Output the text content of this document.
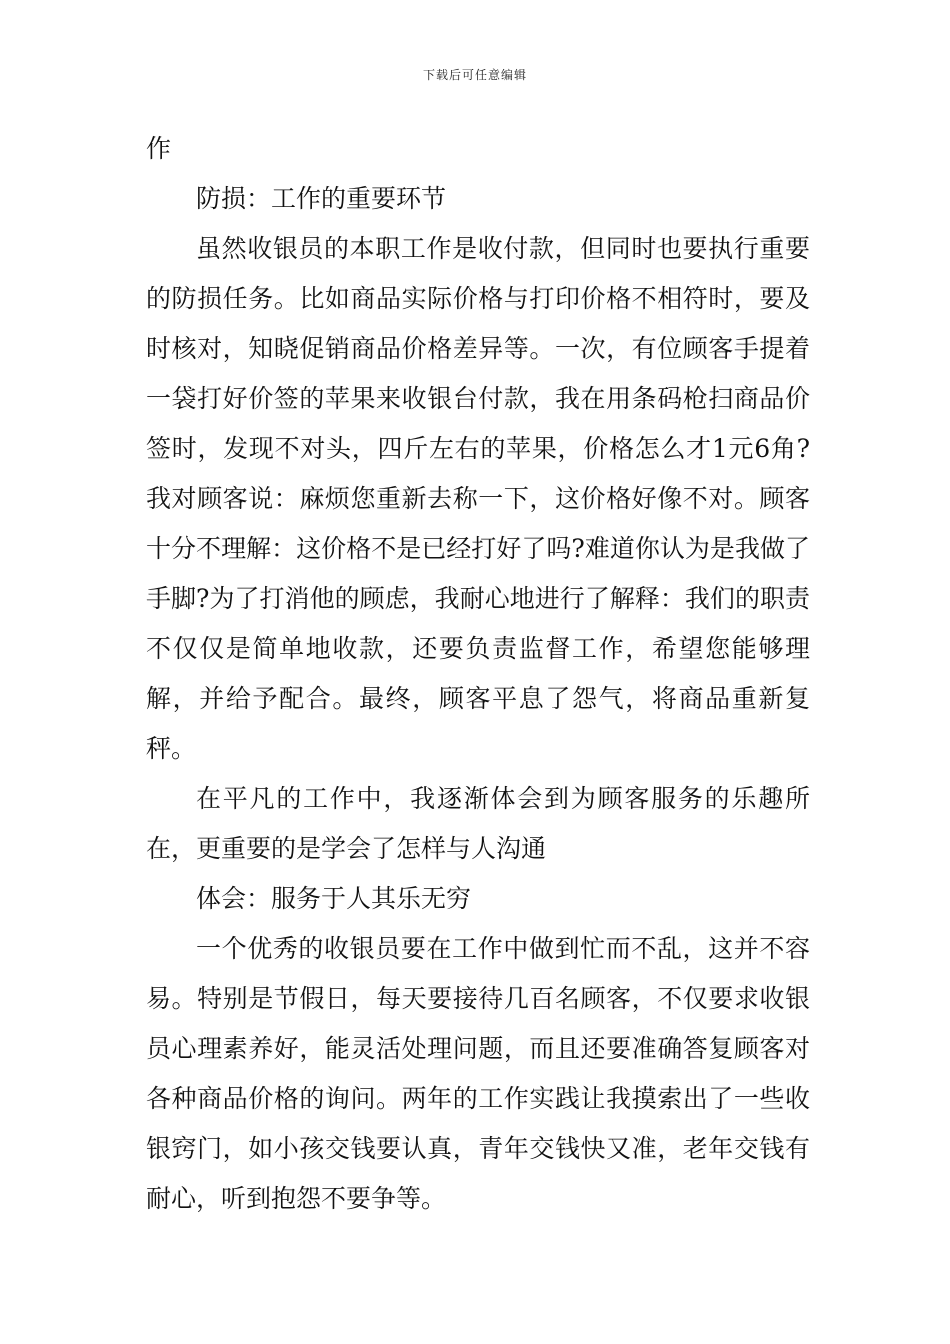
下载后可任意编辑

作

防损：工作的重要环节

虽然收银员的本职工作是收付款，但同时也要执行重要的防损任务。比如商品实际价格与打印价格不相符时，要及时核对，知晓促销商品价格差异等。一次，有位顾客手提着一袋打好价签的苹果来收银台付款，我在用条码枪扫商品价签时，发现不对头，四斤左右的苹果，价格怎么才1元6角?我对顾客说：麻烦您重新去称一下，这价格好像不对。顾客十分不理解：这价格不是已经打好了吗?难道你认为是我做了手脚?为了打消他的顾虑，我耐心地进行了解释：我们的职责不仅仅是简单地收款，还要负责监督工作，希望您能够理解，并给予配合。最终，顾客平息了怨气，将商品重新复秤。

在平凡的工作中，我逐渐体会到为顾客服务的乐趣所在，更重要的是学会了怎样与人沟通

体会：服务于人其乐无穷

一个优秀的收银员要在工作中做到忙而不乱，这并不容易。特别是节假日，每天要接待几百名顾客，不仅要求收银员心理素养好，能灵活处理问题，而且还要准确答复顾客对各种商品价格的询问。两年的工作实践让我摸索出了一些收银窍门，如小孩交钱要认真，青年交钱快又准，老年交钱有耐心，听到抱怨不要争等。
